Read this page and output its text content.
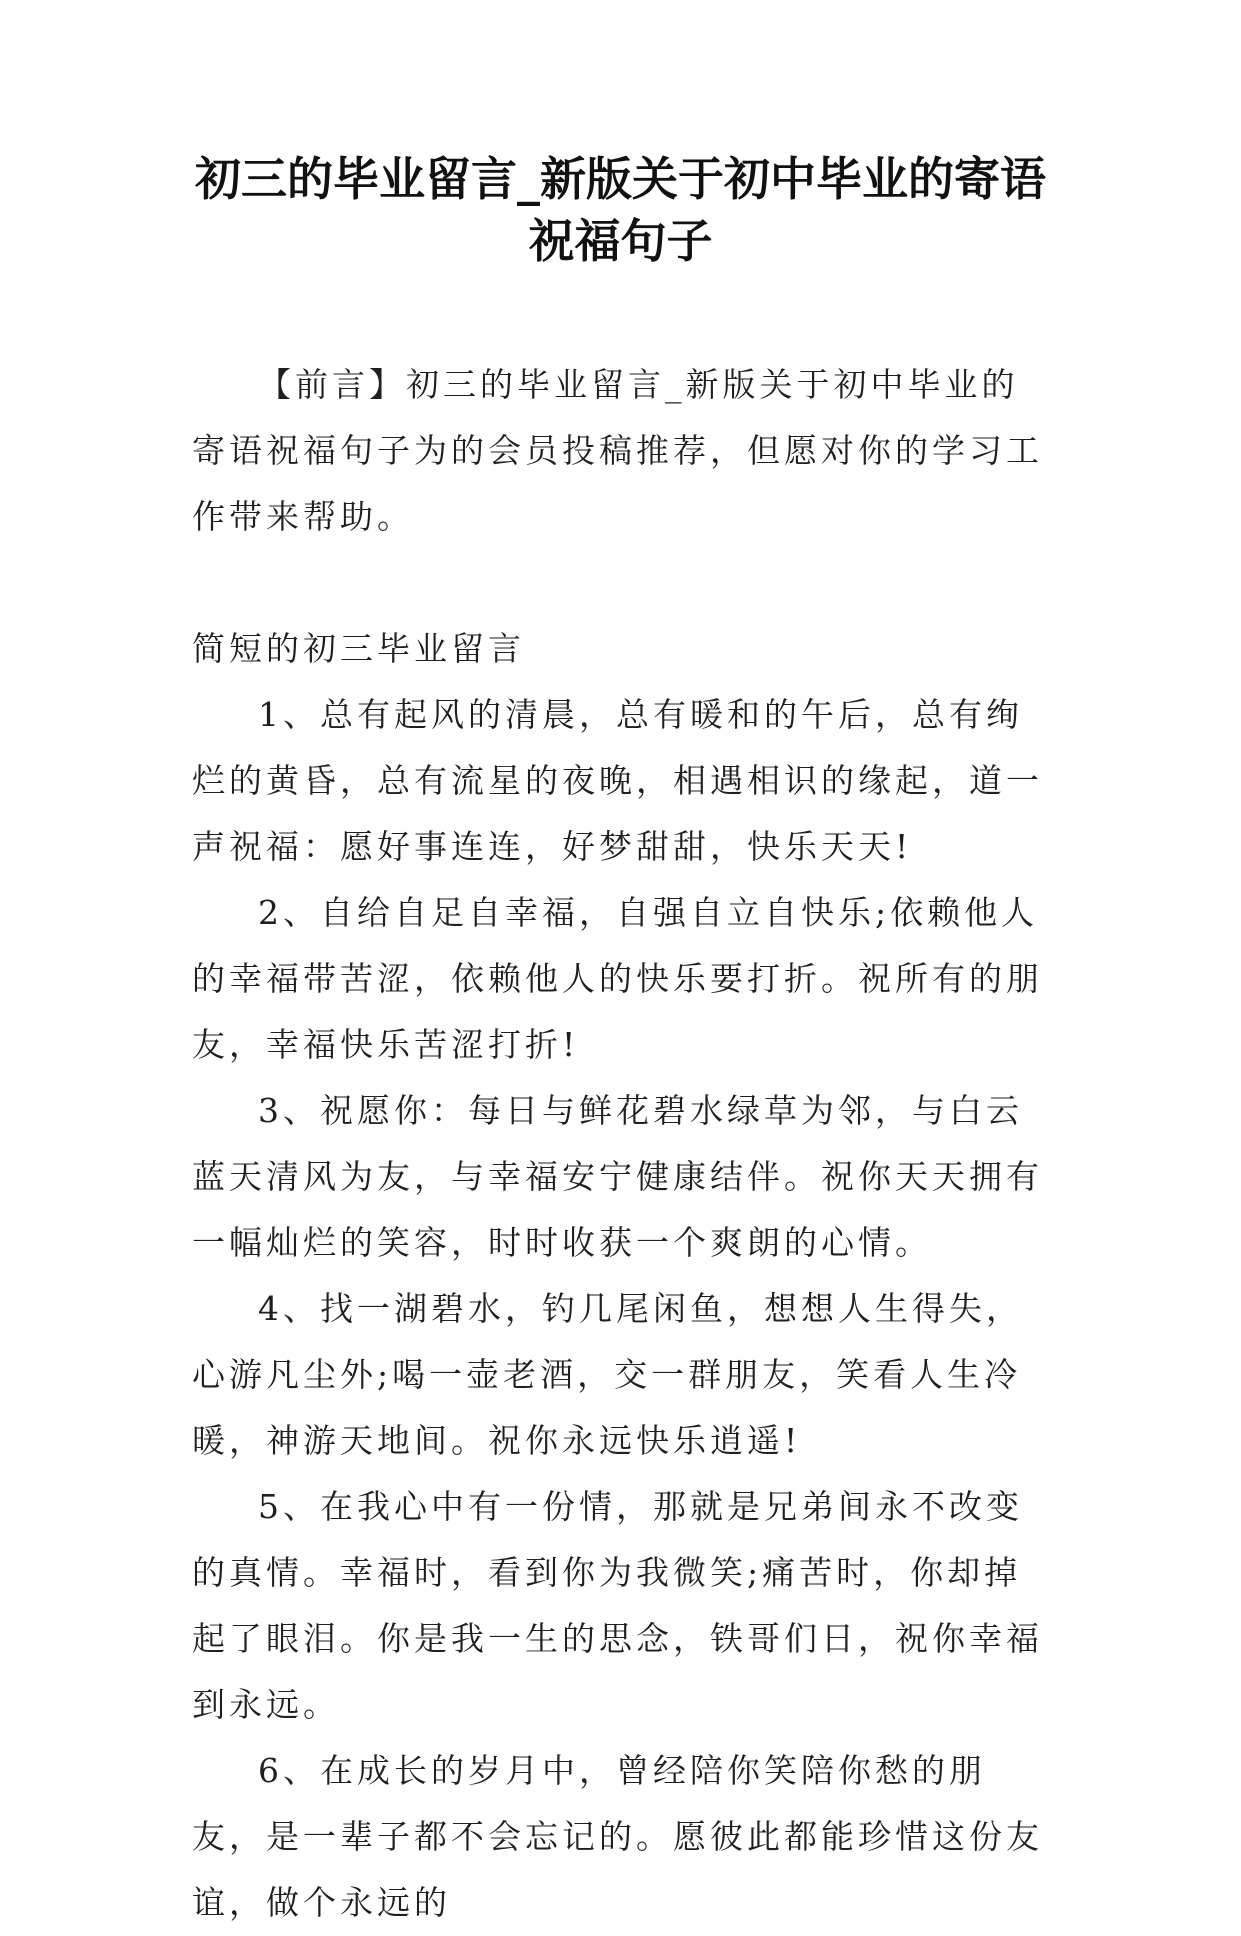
初三的毕业留言_新版关于初中毕业的寄语
祝福句子

【前言】初三的毕业留言_新版关于初中毕业的寄语祝福句子为的会员投稿推荐，但愿对你的学习工作带来帮助。

简短的初三毕业留言

1、总有起风的清晨，总有暖和的午后，总有绚烂的黄昏，总有流星的夜晚，相遇相识的缘起，道一声祝福：愿好事连连，好梦甜甜，快乐天天!

2、自给自足自幸福，自强自立自快乐;依赖他人的幸福带苦涩，依赖他人的快乐要打折。祝所有的朋友，幸福快乐苦涩打折!

3、祝愿你：每日与鲜花碧水绿草为邻，与白云蓝天清风为友，与幸福安宁健康结伴。祝你天天拥有一幅灿烂的笑容，时时收获一个爽朗的心情。

4、找一湖碧水，钓几尾闲鱼，想想人生得失，心游凡尘外;喝一壶老酒，交一群朋友，笑看人生冷暖，神游天地间。祝你永远快乐逍遥!

5、在我心中有一份情，那就是兄弟间永不改变的真情。幸福时，看到你为我微笑;痛苦时，你却掉起了眼泪。你是我一生的思念，铁哥们日，祝你幸福到永远。

6、在成长的岁月中，曾经陪你笑陪你愁的朋友，是一辈子都不会忘记的。愿彼此都能珍惜这份友谊，做个永远的
